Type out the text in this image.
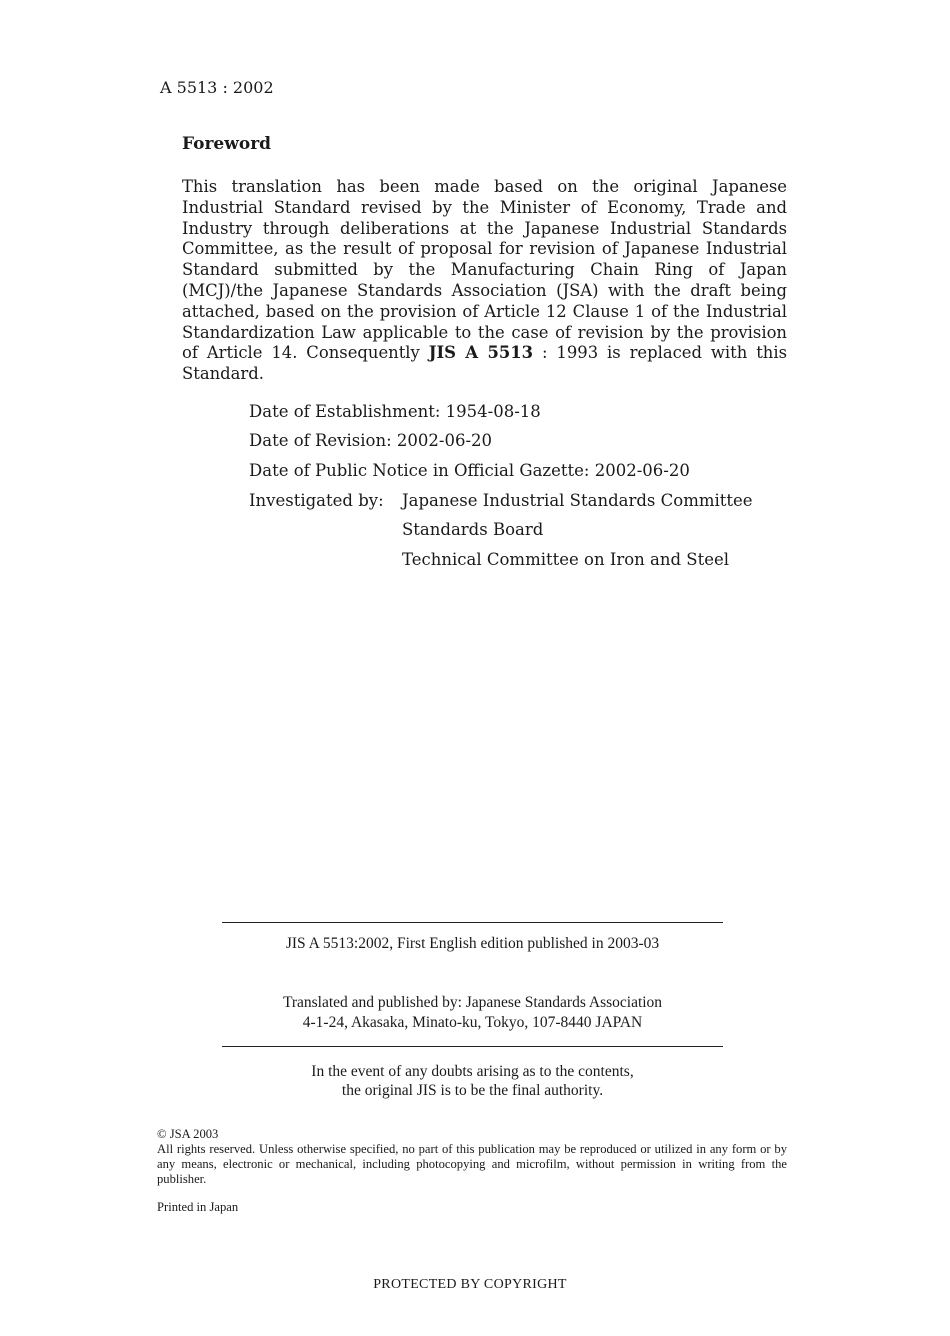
A 5513 : 2002
Foreword
This translation has been made based on the original Japanese Industrial Standard revised by the Minister of Economy, Trade and Industry through deliberations at the Japanese Industrial Standards Committee, as the result of proposal for revision of Japanese Industrial Standard submitted by the Manufacturing Chain Ring of Japan (MCJ)/the Japanese Standards Association (JSA) with the draft being attached, based on the provision of Article 12 Clause 1 of the Industrial Standardization Law applicable to the case of revision by the provision of Article 14. Consequently JIS A 5513 : 1993 is replaced with this Standard.
Date of Establishment: 1954-08-18
Date of Revision: 2002-06-20
Date of Public Notice in Official Gazette: 2002-06-20
Investigated by: Japanese Industrial Standards Committee
Standards Board
Technical Committee on Iron and Steel
JIS A 5513:2002, First English edition published in 2003-03
Translated and published by: Japanese Standards Association
4-1-24, Akasaka, Minato-ku, Tokyo, 107-8440 JAPAN
In the event of any doubts arising as to the contents,
the original JIS is to be the final authority.
© JSA 2003
All rights reserved. Unless otherwise specified, no part of this publication may be reproduced or utilized in any form or by any means, electronic or mechanical, including photocopying and microfilm, without permission in writing from the publisher.
Printed in Japan
PROTECTED BY COPYRIGHT
